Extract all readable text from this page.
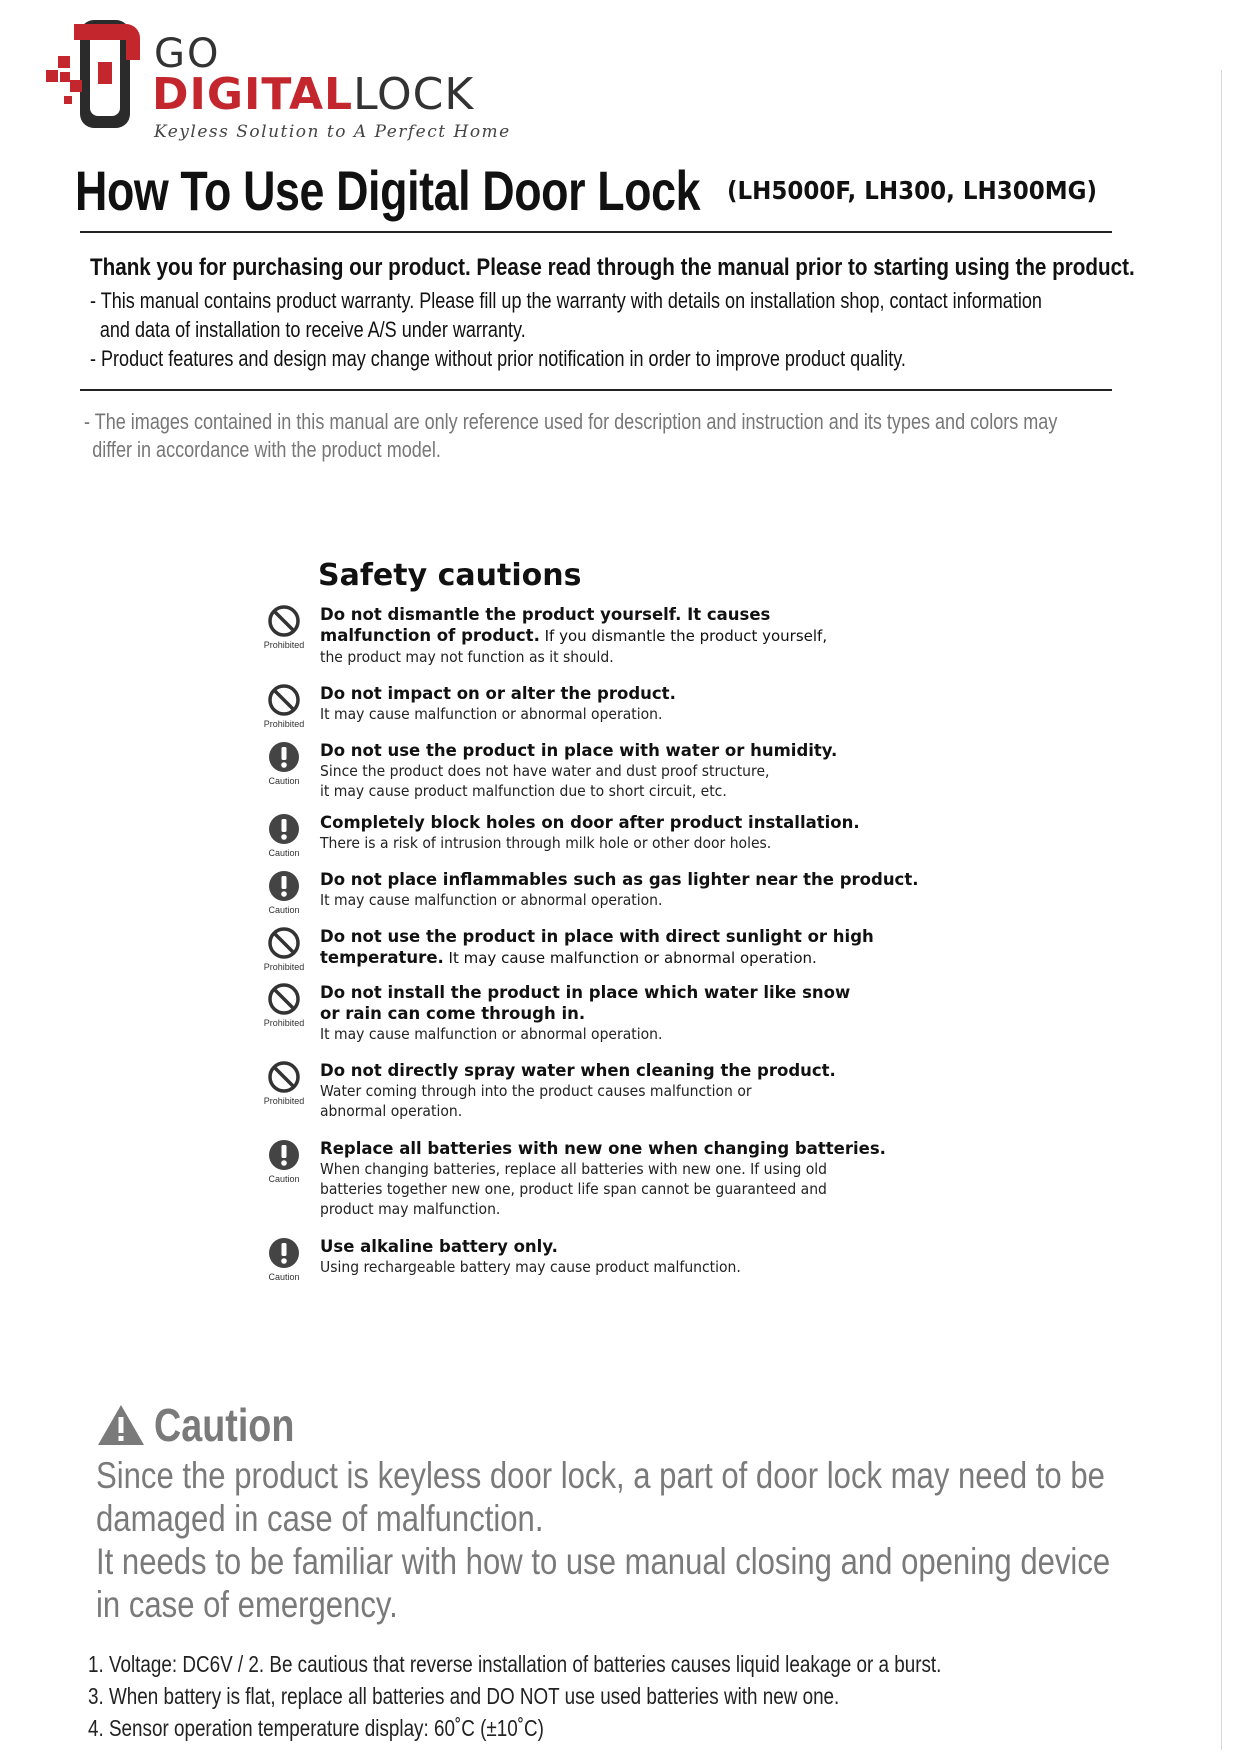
GO
DIGITALLOCK
Keyless Solution to A Perfect Home
How To Use Digital Door Lock (LH5000F, LH300, LH300MG)
Thank you for purchasing our product. Please read through the manual prior to starting using the product.
- This manual contains product warranty. Please fill up the warranty with details on installation shop, contact information
and data of installation to receive A/S under warranty.
- Product features and design may change without prior notification in order to improve product quality.
- The images contained in this manual are only reference used for description and instruction and its types and colors may
differ in accordance with the product model.
Safety cautions
Prohibited
Do not dismantle the product yourself. It causes
malfunction of product. If you dismantle the product yourself,
the product may not function as it should.
Prohibited
Do not impact on or alter the product.
It may cause malfunction or abnormal operation.
Caution
Do not use the product in place with water or humidity.
Since the product does not have water and dust proof structure,
it may cause product malfunction due to short circuit, etc.
Caution
Completely block holes on door after product installation.
There is a risk of intrusion through milk hole or other door holes.
Caution
Do not place inflammables such as gas lighter near the product.
It may cause malfunction or abnormal operation.
Prohibited
Do not use the product in place with direct sunlight or high
temperature. It may cause malfunction or abnormal operation.
Prohibited
Do not install the product in place which water like snow
or rain can come through in.
It may cause malfunction or abnormal operation.
Prohibited
Do not directly spray water when cleaning the product.
Water coming through into the product causes malfunction or
abnormal operation.
Caution
Replace all batteries with new one when changing batteries.
When changing batteries, replace all batteries with new one. If using old
batteries together new one, product life span cannot be guaranteed and
product may malfunction.
Caution
Use alkaline battery only.
Using rechargeable battery may cause product malfunction.
Caution
Since the product is keyless door lock, a part of door lock may need to be
damaged in case of malfunction.
It needs to be familiar with how to use manual closing and opening device
in case of emergency.
1. Voltage: DC6V / 2. Be cautious that reverse installation of batteries causes liquid leakage or a burst.
3. When battery is flat, replace all batteries and DO NOT use used batteries with new one.
4. Sensor operation temperature display: 60˚C (±10˚C)
